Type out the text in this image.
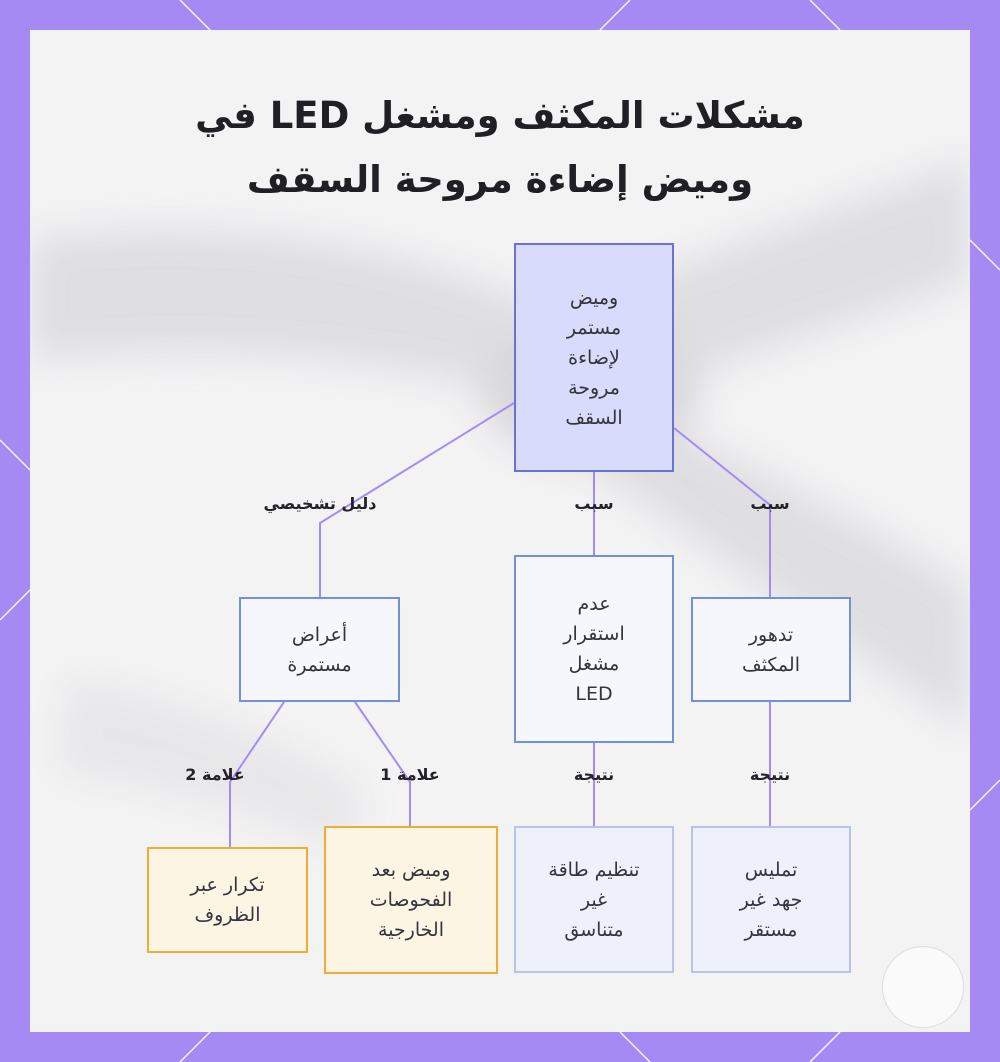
مشكلات المكثف ومشغل LED في
وميض إضاءة مروحة السقف
دليل تشخيصي	سبب	سبب
علامة 2	علامة 1	نتيجة	نتيجة
وميض
مستمر
لإضاءة
مروحة
السقف
أعراض
مستمرة
عدم
استقرار
مشغل
LED
تدهور
المكثف
تكرار عبر
الظروف
وميض بعد
الفحوصات
الخارجية
تنظيم طاقة
غير
متناسق
تمليس
جهد غير
مستقر
